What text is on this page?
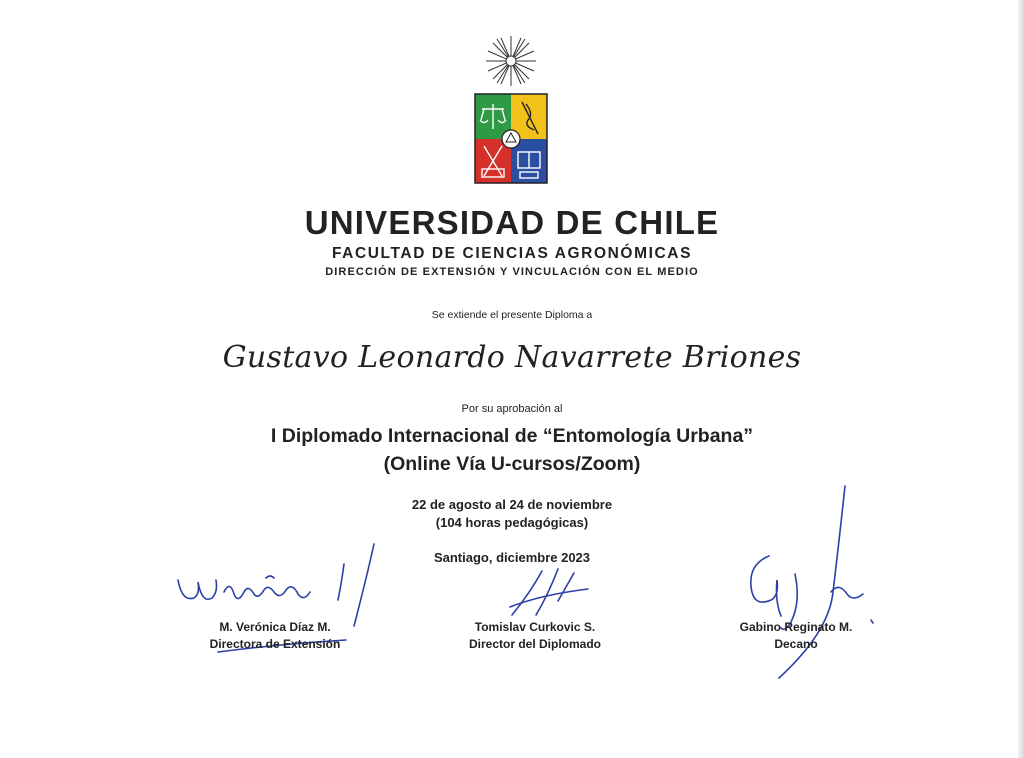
UNIVERSIDAD DE CHILE
FACULTAD DE CIENCIAS AGRONÓMICAS
DIRECCIÓN DE EXTENSIÓN Y VINCULACIÓN CON EL MEDIO
Se extiende el presente Diploma a
Gustavo Leonardo Navarrete Briones
Por su aprobación al
I Diplomado Internacional de “Entomología Urbana”
(Online Vía U-cursos/Zoom)
22 de agosto al 24 de noviembre
(104 horas pedagógicas)
Santiago, diciembre 2023
M. Verónica Díaz M.
Directora de Extensión
Tomislav Curkovic S.
Director del Diplomado
Gabino Reginato M.
Decano
